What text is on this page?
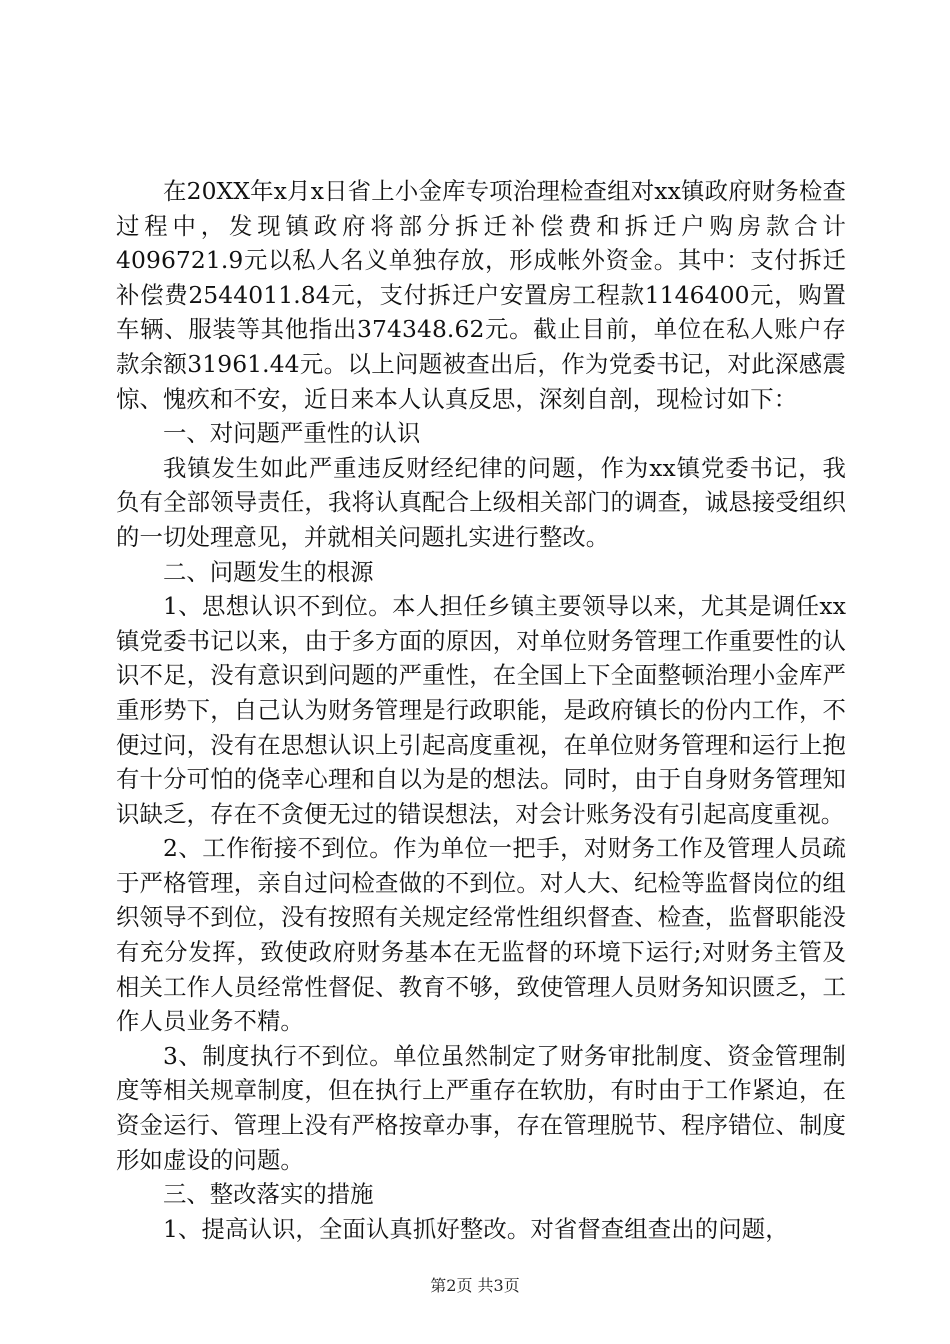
在20XX年x月x日省上小金库专项治理检查组对xx镇政府财务检查过程中，发现镇政府将部分拆迁补偿费和拆迁户购房款合计4096721.9元以私人名义单独存放，形成帐外资金。其中：支付拆迁补偿费2544011.84元，支付拆迁户安置房工程款1146400元，购置车辆、服装等其他指出374348.62元。截止目前，单位在私人账户存款余额31961.44元。以上问题被查出后，作为党委书记，对此深感震惊、愧疚和不安，近日来本人认真反思，深刻自剖，现检讨如下：

一、对问题严重性的认识

我镇发生如此严重违反财经纪律的问题，作为xx镇党委书记，我负有全部领导责任，我将认真配合上级相关部门的调查，诚恳接受组织的一切处理意见，并就相关问题扎实进行整改。

二、问题发生的根源

1、思想认识不到位。本人担任乡镇主要领导以来，尤其是调任xx镇党委书记以来，由于多方面的原因，对单位财务管理工作重要性的认识不足，没有意识到问题的严重性，在全国上下全面整顿治理小金库严重形势下，自己认为财务管理是行政职能，是政府镇长的份内工作，不便过问，没有在思想认识上引起高度重视，在单位财务管理和运行上抱有十分可怕的侥幸心理和自以为是的想法。同时，由于自身财务管理知识缺乏，存在不贪便无过的错误想法，对会计账务没有引起高度重视。

2、工作衔接不到位。作为单位一把手，对财务工作及管理人员疏于严格管理，亲自过问检查做的不到位。对人大、纪检等监督岗位的组织领导不到位，没有按照有关规定经常性组织督查、检查，监督职能没有充分发挥，致使政府财务基本在无监督的环境下运行;对财务主管及相关工作人员经常性督促、教育不够，致使管理人员财务知识匮乏，工作人员业务不精。

3、制度执行不到位。单位虽然制定了财务审批制度、资金管理制度等相关规章制度，但在执行上严重存在软肋，有时由于工作紧迫，在资金运行、管理上没有严格按章办事，存在管理脱节、程序错位、制度形如虚设的问题。

三、整改落实的措施

1、提高认识，全面认真抓好整改。对省督查组查出的问题，

第2页 共3页
